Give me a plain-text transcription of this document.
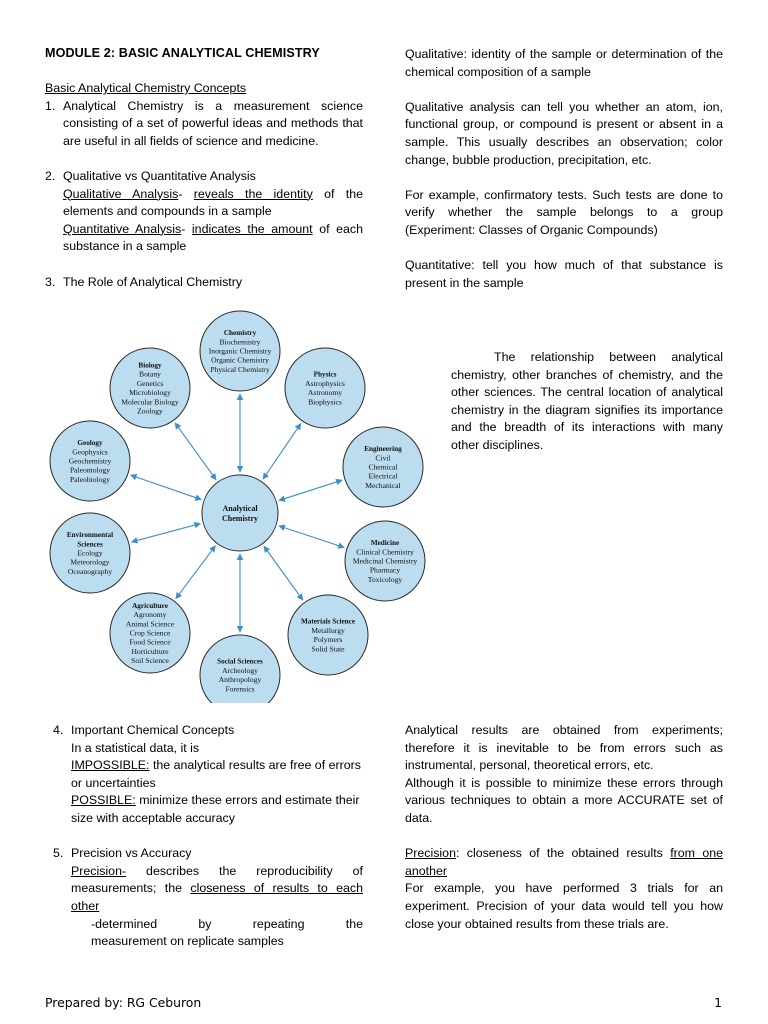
MODULE 2: BASIC ANALYTICAL CHEMISTRY

Basic Analytical Chemistry Concepts

1. Analytical Chemistry is a measurement science consisting of a set of powerful ideas and methods that are useful in all fields of science and medicine.
2. Qualitative vs Quantitative Analysis
Qualitative Analysis- reveals the identity of the elements and compounds in a sample
Quantitative Analysis- indicates the amount of each substance in a sample
3. The Role of Analytical Chemistry
Analytical
Chemistry
Chemistry
Biochemistry
Inorganic Chemistry
Organic Chemistry
Physical Chemistry
Physics
Astrophysics
Astronomy
Biophysics
Engineering
Civil
Chemical
Electrical
Mechanical
Medicine
Clinical Chemistry
Medicinal Chemistry
Pharmacy
Toxicology
Materials Science
Metallurgy
Polymers
Solid State
Social Sciences
Archeology
Anthropology
Forensics
Agriculture
Agronomy
Animal Science
Crop Science
Food Science
Horticulture
Soil Science
Environmental
Sciences
Ecology
Meteorology
Oceanography
Geology
Geophysics
Geochemistry
Paleontology
Paleobiology
Biology
Botany
Genetics
Microbiology
Molecular Biology
Zoology
The relationship between analytical chemistry, other branches of chemistry, and the other sciences. The central location of analytical chemistry in the diagram signifies its importance and the breadth of its interactions with many other disciplines.

Qualitative: identity of the sample or determination of the chemical composition of a sample

Qualitative analysis can tell you whether an atom, ion, functional group, or compound is present or absent in a sample. This usually describes an observation; color change, bubble production, precipitation, etc.

For example, confirmatory tests. Such tests are done to verify whether the sample belongs to a group (Experiment: Classes of Organic Compounds)

Quantitative: tell you how much of that substance is present in the sample

4. Important Chemical Concepts
In a statistical data, it is
IMPOSSIBLE: the analytical results are free of errors or uncertainties
POSSIBLE: minimize these errors and estimate their size with acceptable accuracy
5. Precision vs Accuracy
Precision- describes the reproducibility of measurements; the closeness of results to each other
-determined by repeating the
measurement on replicate samples

Analytical results are obtained from experiments; therefore it is inevitable to be from errors such as instrumental, personal, theoretical errors, etc.

Although it is possible to minimize these errors through various techniques to obtain a more ACCURATE set of data.

Precision: closeness of the obtained results from one another

For example, you have performed 3 trials for an experiment. Precision of your data would tell you how close your obtained results from these trials are.

Prepared by: RG Ceburon	1
